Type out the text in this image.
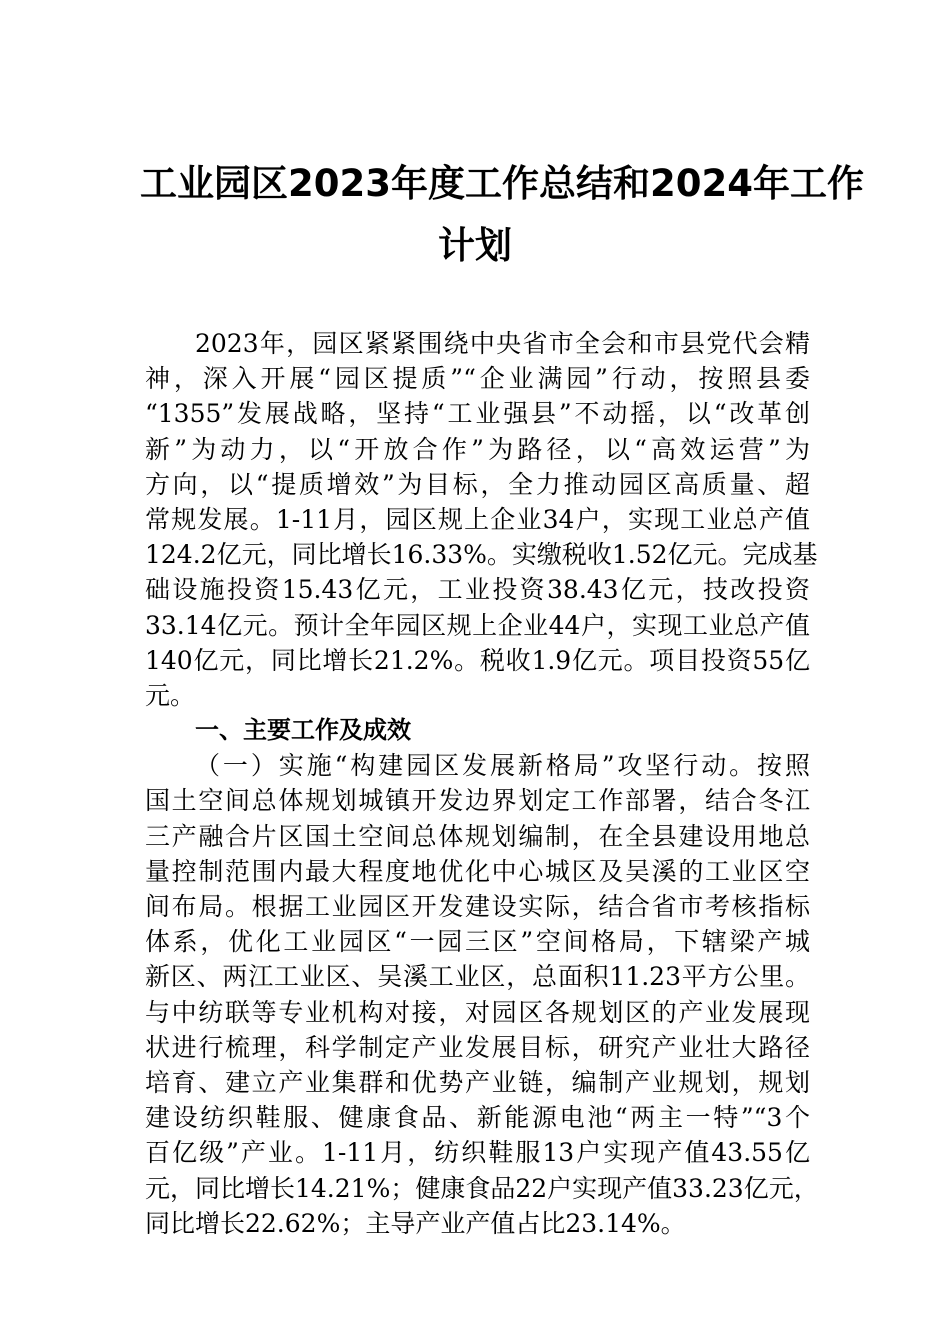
工业园区2023年度工作总结和2024年工作
计划
2023年，园区紧紧围绕中央省市全会和市县党代会精
神，深入开展“园区提质”“企业满园”行动，按照县委
“1355”发展战略，坚持“工业强县”不动摇，以“改革创
新”为动力，以“开放合作”为路径，以“高效运营”为
方向，以“提质增效”为目标，全力推动园区高质量、超
常规发展。1-11月，园区规上企业34户，实现工业总产值
124.2亿元，同比增长16.33%。实缴税收1.52亿元。完成基
础设施投资15.43亿元，工业投资38.43亿元，技改投资
33.14亿元。预计全年园区规上企业44户，实现工业总产值
140亿元，同比增长21.2%。税收1.9亿元。项目投资55亿
元。
一、主要工作及成效
（一）实施“构建园区发展新格局”攻坚行动。按照
国土空间总体规划城镇开发边界划定工作部署，结合冬江
三产融合片区国土空间总体规划编制，在全县建设用地总
量控制范围内最大程度地优化中心城区及吴溪的工业区空
间布局。根据工业园区开发建设实际，结合省市考核指标
体系，优化工业园区“一园三区”空间格局，下辖梁产城
新区、两江工业区、吴溪工业区，总面积11.23平方公里。
与中纺联等专业机构对接，对园区各规划区的产业发展现
状进行梳理，科学制定产业发展目标，研究产业壮大路径
培育、建立产业集群和优势产业链，编制产业规划，规划
建设纺织鞋服、健康食品、新能源电池“两主一特”“3个
百亿级”产业。1-11月，纺织鞋服13户实现产值43.55亿
元，同比增长14.21%；健康食品22户实现产值33.23亿元，
同比增长22.62%；主导产业产值占比23.14%。
